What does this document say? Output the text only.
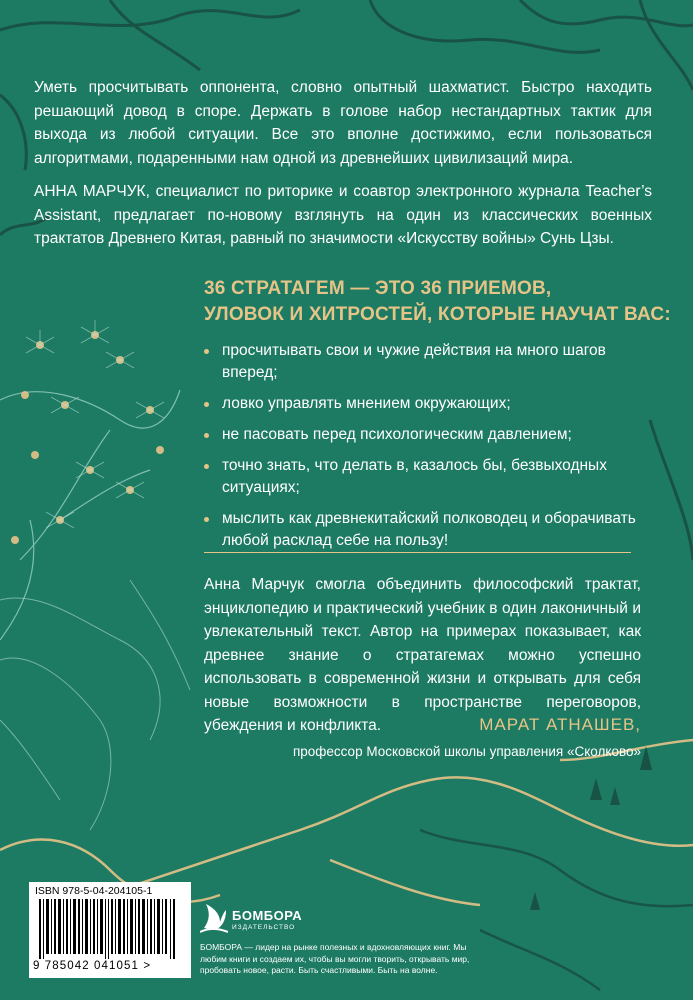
Уметь просчитывать оппонента, словно опытный шахматист. Быстро находить решающий довод в споре. Держать в голове набор нестандартных тактик для выхода из любой ситуации. Все это вполне достижимо, если пользоваться алгоритмами, подаренными нам одной из древнейших цивилизаций мира.

АННА МАРЧУК, специалист по риторике и соавтор электронного журнала Teacher’s Assistant, предлагает по-новому взглянуть на один из классических военных трактатов Древнего Китая, равный по значимости «Искусству войны» Сунь Цзы.

36 СТРАТАГЕМ — ЭТО 36 ПРИЕМОВ,

УЛОВОК И ХИТРОСТЕЙ, КОТОРЫЕ НАУЧАТ ВАС:

просчитывать свои и чужие действия на много шагов вперед;
ловко управлять мнением окружающих;
не пасовать перед психологическим давлением;
точно знать, что делать в, казалось бы, безвыходных ситуациях;
мыслить как древнекитайский полководец и оборачивать любой расклад себе на пользу!

Анна Марчук смогла объединить философский трактат, энциклопедию и практический учебник в один лаконичный и увлекательный текст. Автор на примерах показывает, как древнее знание о стратагемах можно успешно использовать в современной жизни и открывать для себя новые возможности в пространстве переговоров, убеждения и конфликта.	МАРАТ АТНАШЕВ,
профессор Московской школы управления «Сколково»
ISBN 978-5-04-204105-1
9 785042 041051 >
БОМБОРА
ИЗДАТЕЛЬСТВО

БОМБОРА — лидер на рынке полезных и вдохновляющих книг. Мы любим книги и создаем их, чтобы вы могли творить, открывать мир, пробовать новое, расти. Быть счастливыми. Быть на волне.
